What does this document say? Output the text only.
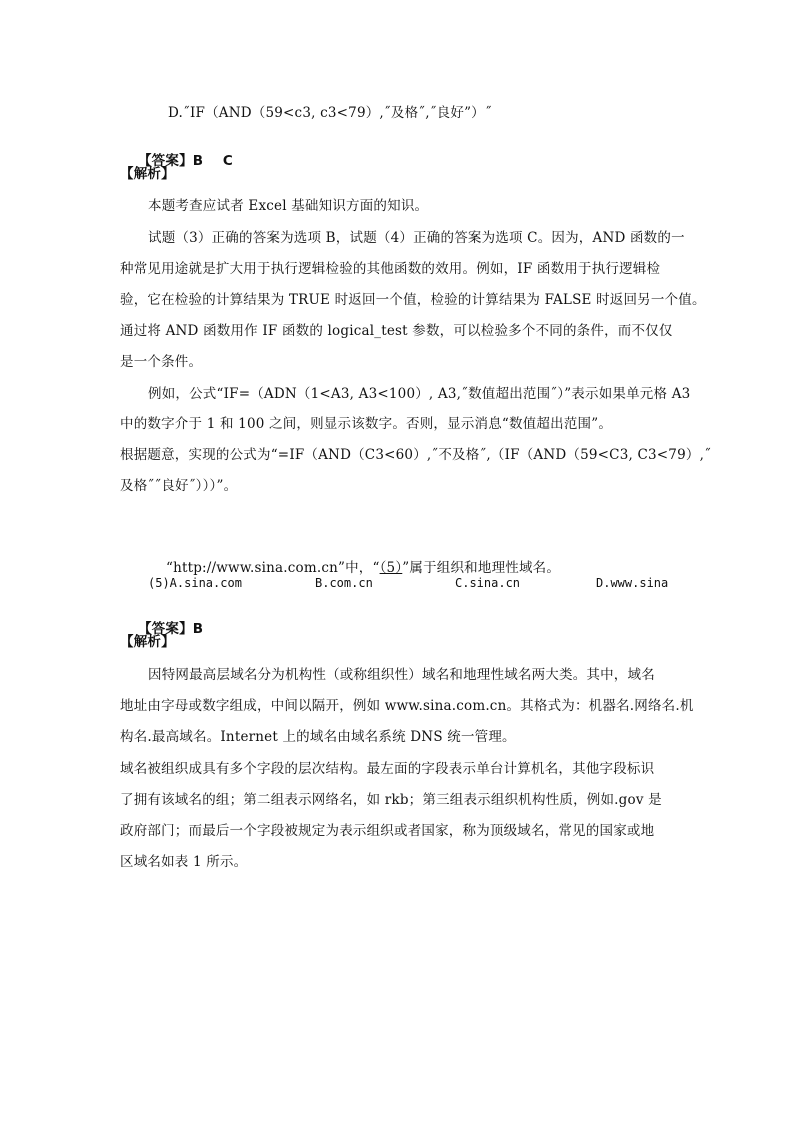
D.˝IF（AND（59<c3, c3<79）,˝及格˝,˝良好”）˝

【答案】B    C

【解析】
本题考查应试者 Excel 基础知识方面的知识。
试题（3）正确的答案为选项 B，试题（4）正确的答案为选项 C。因为，AND 函数的一
种常见用途就是扩大用于执行逻辑检验的其他函数的效用。例如，IF 函数用于执行逻辑检
验，它在检验的计算结果为 TRUE 时返回一个值，检验的计算结果为 FALSE 时返回另一个值。
通过将 AND 函数用作 IF 函数的 logical_test 参数，可以检验多个不同的条件，而不仅仅
是一个条件。
例如，公式“IF=（ADN（1<A3, A3<100）, A3,˝数值超出范围˝）”表示如果单元格 A3
中的数字介于 1 和 100 之间，则显示该数字。否则，显示消息“数值超出范围”。
根据题意，实现的公式为“=IF（AND（C3<60）,˝不及格˝,（IF（AND（59<C3, C3<79）,˝
及格˝˝良好˝）））”。

“http://www.sina.com.cn”中，“（5）”属于组织和地理性域名。

(5)A.sina.com	B.com.cn	C.sina.cn	D.www.sina

【答案】B

【解析】
因特网最高层域名分为机构性（或称组织性）域名和地理性域名两大类。其中，域名
地址由字母或数字组成，中间以隔开，例如 www.sina.com.cn。其格式为：机器名.网络名.机
构名.最高域名。Internet 上的域名由域名系统 DNS 统一管理。
域名被组织成具有多个字段的层次结构。最左面的字段表示单台计算机名，其他字段标识
了拥有该域名的组；第二组表示网络名，如 rkb；第三组表示组织机构性质，例如.gov 是
政府部门；而最后一个字段被规定为表示组织或者国家，称为顶级域名，常见的国家或地
区域名如表 1 所示。
